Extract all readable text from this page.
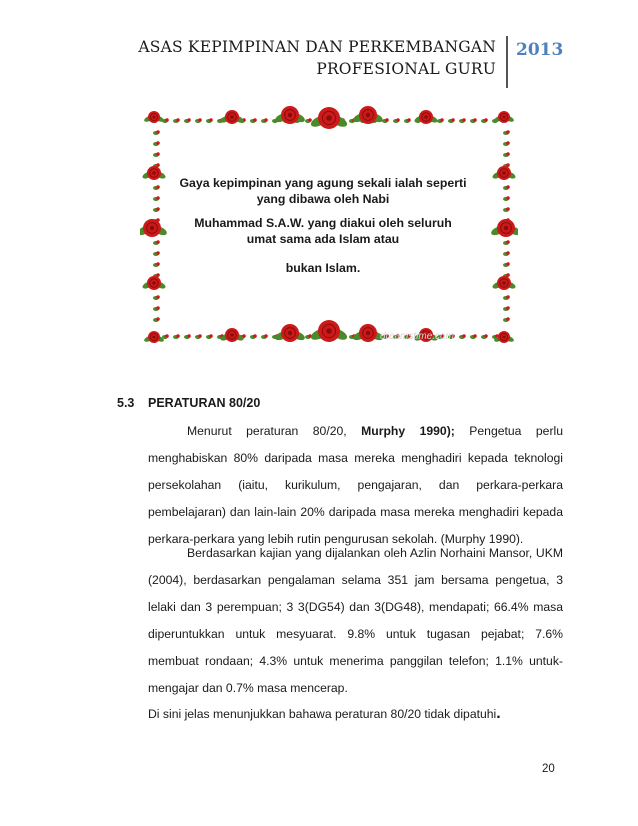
ASAS KEPIMPINAN DAN PERKEMBANGAN
PROFESIONAL GURU
2013

Gaya kepimpinan yang agung sekali ialah seperti yang dibawa oleh Nabi

Muhammad S.A.W. yang diakui oleh seluruh umat sama ada Islam atau

bukan Islam.

dreamstime.com
5.3 PERATURAN 80/20

Menurut peraturan 80/20, Murphy 1990); Pengetua perlu menghabiskan 80% daripada masa mereka menghadiri kepada teknologi persekolahan (iaitu, kurikulum, pengajaran, dan perkara-perkara pembelajaran) dan lain-lain 20% daripada masa mereka menghadiri kepada perkara-perkara yang lebih rutin pengurusan sekolah. (Murphy 1990).

Berdasarkan kajian yang dijalankan oleh Azlin Norhaini Mansor, UKM (2004), berdasarkan pengalaman selama 351 jam bersama pengetua, 3 lelaki dan 3 perempuan; 3 3(DG54) dan 3(DG48), mendapati; 66.4% masa diperuntukkan untuk mesyuarat. 9.8% untuk tugasan pejabat; 7.6% membuat rondaan; 4.3% untuk menerima panggilan telefon; 1.1% untuk- mengajar dan 0.7% masa mencerap.

Di sini jelas menunjukkan bahawa peraturan 80/20 tidak dipatuhi.

20
